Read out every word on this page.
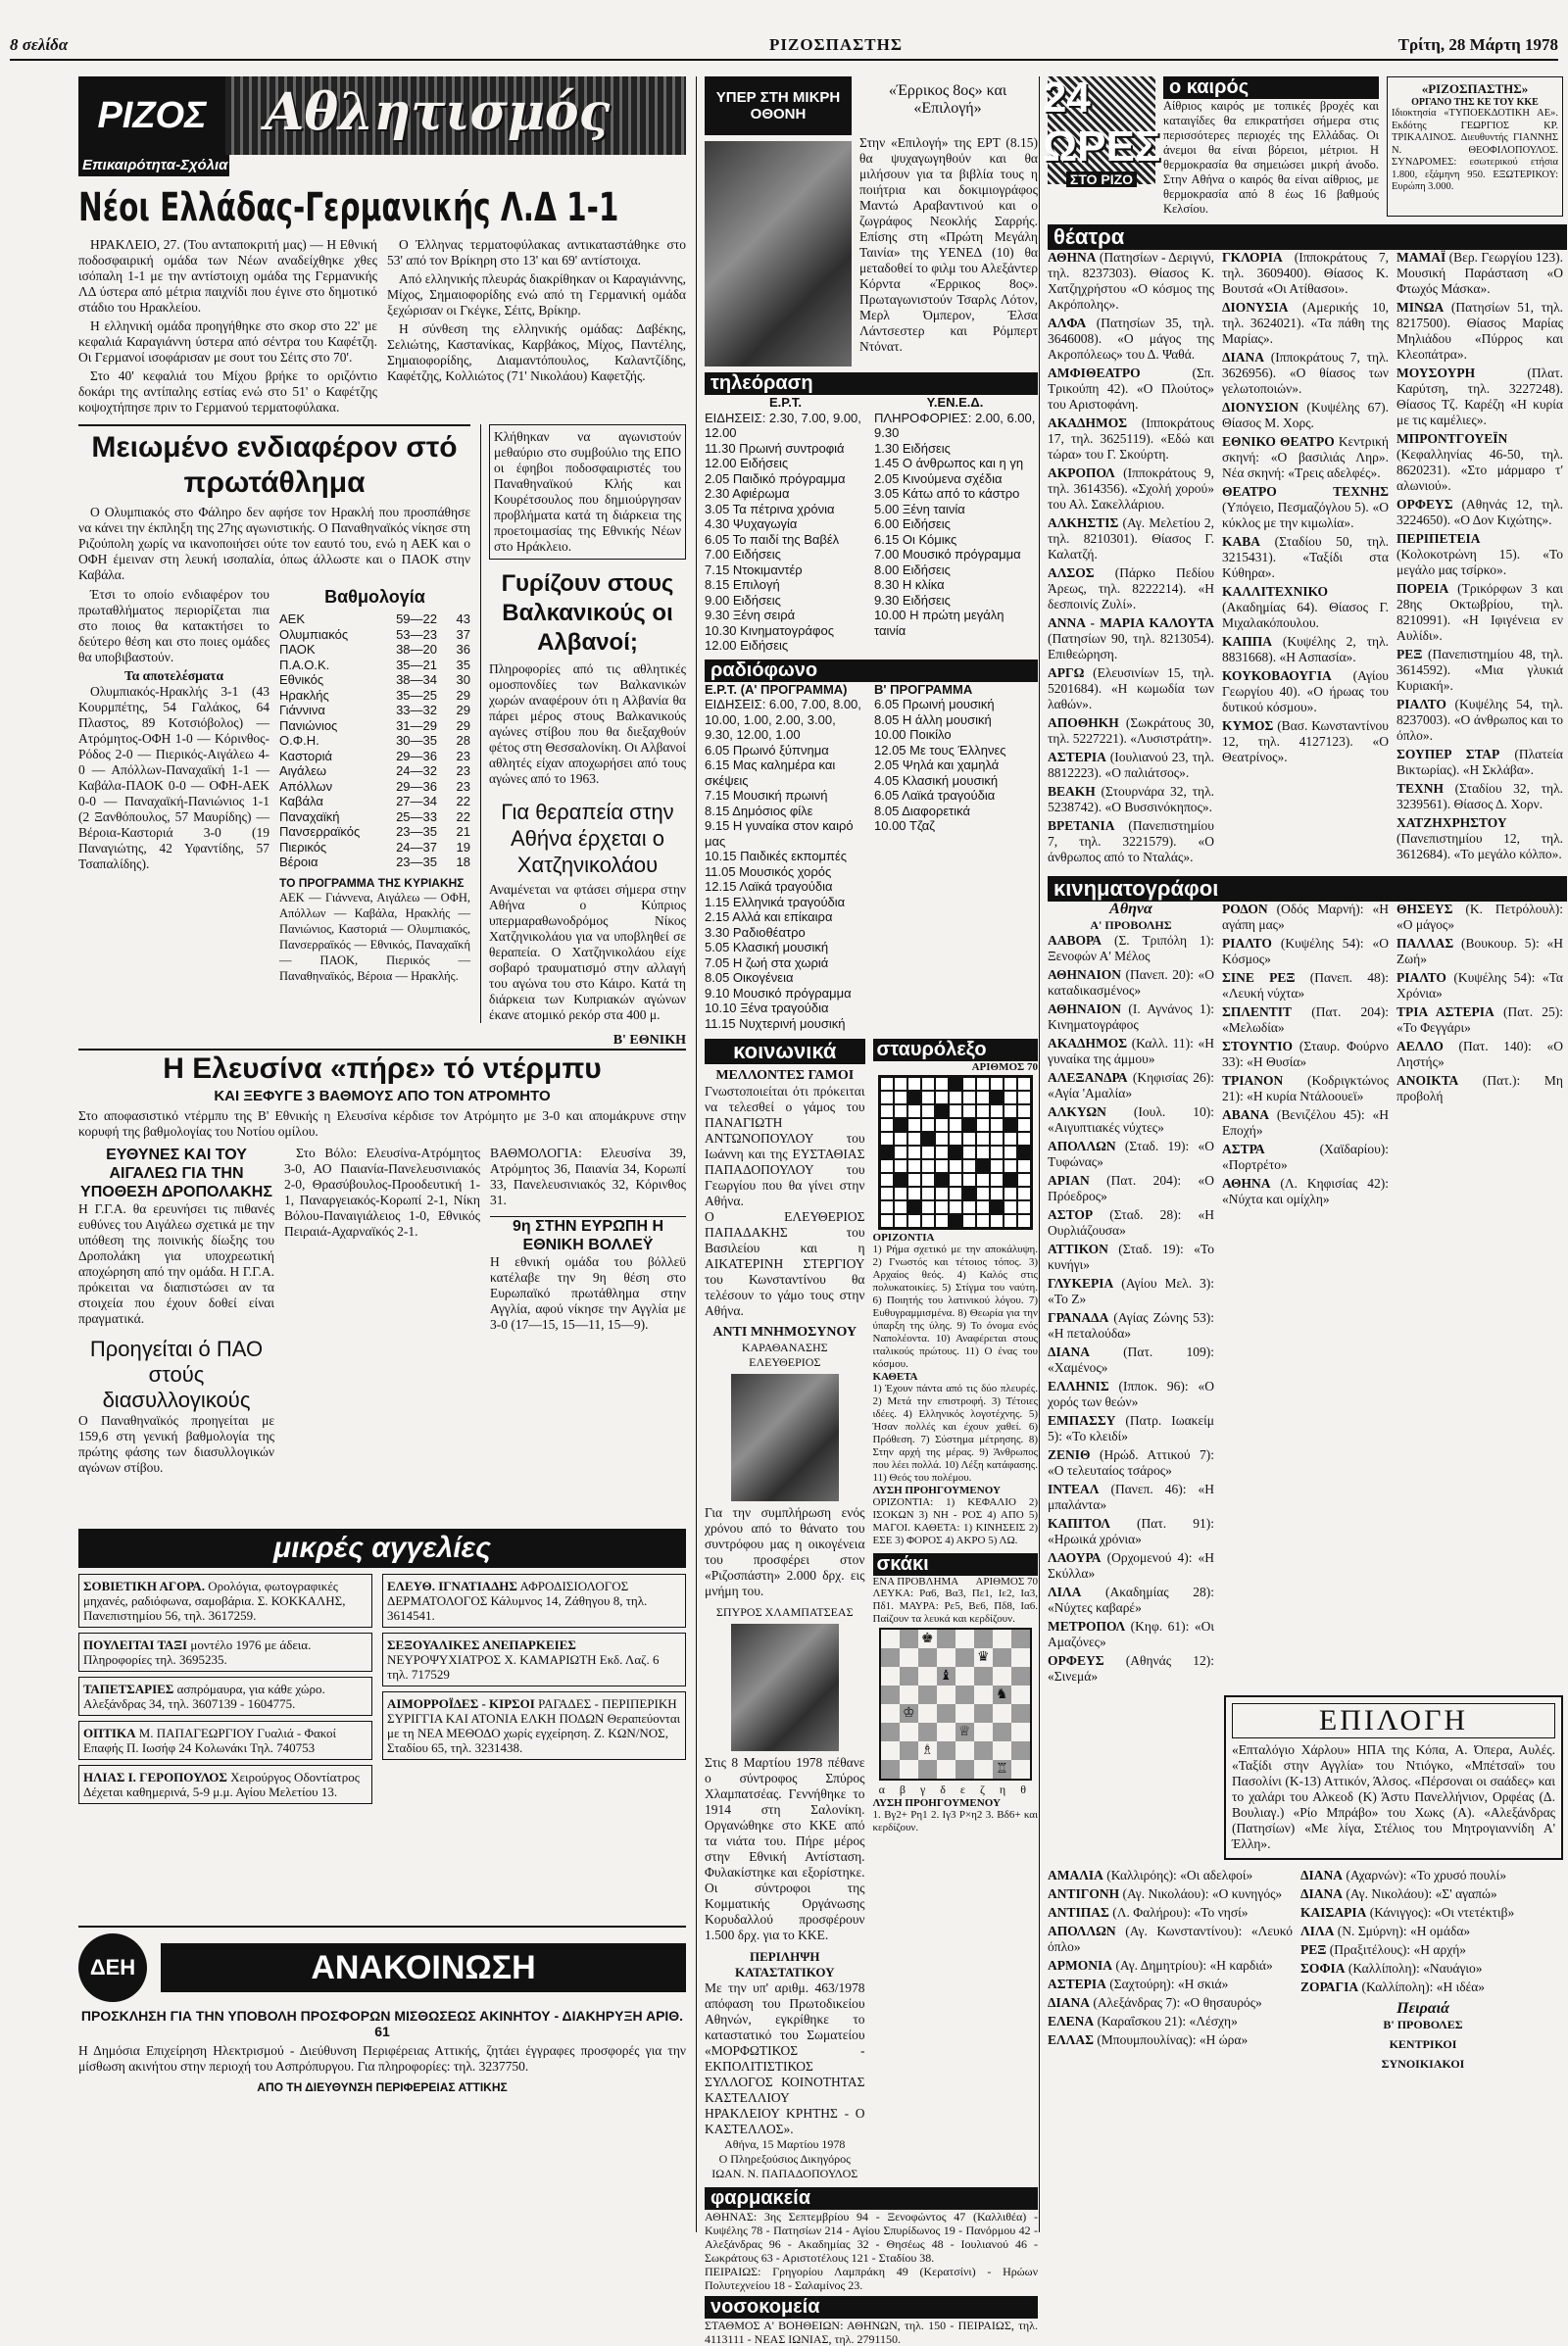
8 σελίδα	ΡΙΖΟΣΠΑΣΤΗΣ	Τρίτη, 28 Μάρτη 1978
ΡΙΖΟΣ	Αθλητισμός
Επικαιρότητα-Σχόλια
Νέοι Ελλάδας-Γερμανικής Λ.Δ 1-1

ΗΡΑΚΛΕΙΟ, 27. (Του ανταποκριτή μας) — Η Εθνική ποδοσφαιρική ομάδα των Νέων αναδείχθηκε χθες ισόπαλη 1-1 με την αντίστοιχη ομάδα της Γερμανικής ΛΔ ύστερα από μέτρια παιχνίδι που έγινε στο δημοτικό στάδιο του Ηρακλείου.

Η ελληνική ομάδα προηγήθηκε στο σκορ στο 22' με κεφαλιά Καραγιάννη ύστερα από σέντρα του Καφέτζη. Οι Γερμανοί ισοφάρισαν με σουτ του Σέιτς στο 70'.

Στο 40' κεφαλιά του Μίχου βρήκε το οριζόντιο δοκάρι της αντίπαλης εστίας ενώ στο 51' ο Καφέτζης κοψοχτήπησε πριν το Γερμανού τερματοφύλακα.

Ο Έλληνας τερματοφύλακας αντικαταστάθηκε στο 53' από τον Βρίκηρη στο 13' και 69' αντίστοιχα.

Από ελληνικής πλευράς διακρίθηκαν οι Καραγιάννης, Μίχος, Σημαιοφορίδης ενώ από τη Γερμανική ομάδα ξεχώρισαν οι Γκέγκε, Σέιτς, Βρίκηρ.

Η σύνθεση της ελληνικής ομάδας: Δαβέκης, Σελιώτης, Καστανίκας, Καρβάκος, Μίχος, Παντέλης, Σημαιοφορίδης, Διαμαντόπουλος, Καλαντζίδης, Καφέτζης, Κολλιώτος (71' Νικολάου) Καφετζής.

Μειωμένο ενδιαφέρον στό πρωτάθλημα

Ο Ολυμπιακός στο Φάληρο δεν αφήσε τον Ηρακλή που προσπάθησε να κάνει την έκπληξη της 27ης αγωνιστικής. Ο Παναθηναϊκός νίκησε στη Ριζούπολη χωρίς να ικανοποιήσει ούτε τον εαυτό του, ενώ η ΑΕΚ και ο ΟΦΗ έμειναν στη λευκή ισοπαλία, όπως άλλωστε και ο ΠΑΟΚ στην Καβάλα.

Έτσι το οποίο ενδιαφέρον του πρωταθλήματος περιορίζεται πια στο ποιος θα κατακτήσει το δεύτερο θέση και στο ποιες ομάδες θα υποβιβαστούν.

Τα αποτελέσματα

Ολυμπιακός-Ηρακλής 3-1 (43 Κουρμπέτης, 54 Γαλάκος, 64 Πλαστος, 89 Κοτσιόβολος) — Ατρόμητος-ΟΦΗ 1-0 — Κόρινθος-Ρόδος 2-0 — Πιερικός-Αιγάλεω 4-0 — Απόλλων-Παναχαϊκή 1-1 — Καβάλα-ΠΑΟΚ 0-0 — ΟΦΗ-ΑΕΚ 0-0 — Παναχαϊκή-Πανιώνιος 1-1 (2 Ξανθόπουλος, 57 Μαυρίδης) — Βέροια-Καστοριά 3-0 (19 Παναγιώτης, 42 Υφαντίδης, 57 Τσαπαλίδης).

Βαθμολογία
ΑΕΚ	59—22 43
Ολυμπιακός	53—23 37
ΠΑΟΚ	38—20 36
Π.Α.Ο.Κ.	35—21 35
Εθνικός	38—34 30
Ηρακλής	35—25 29
Γιάννινα	33—32 29
Πανιώνιος	31—29 29
Ο.Φ.Η.	30—35 28
Καστοριά	29—36 23
Αιγάλεω	24—32 23
Απόλλων	29—36 23
Καβάλα	27—34 22
Παναχαϊκή	25—33 22
Πανσερραϊκός	23—35 21
Πιερικός	24—37 19
Βέροια	23—35 18
ΤΟ ΠΡΟΓΡΑΜΜΑ ΤΗΣ ΚΥΡΙΑΚΗΣ
ΑΕΚ — Γιάννενα, Αιγάλεω — ΟΦΗ, Απόλλων — Καβάλα, Ηρακλής — Πανιώνιος, Καστοριά — Ολυμπιακός, Πανσερραϊκός — Εθνικός, Παναχαϊκή — ΠΑΟΚ, Πιερικός — Παναθηναϊκός, Βέροια — Ηρακλής.
Κλήθηκαν να αγωνιστούν μεθαύριο στο συμβούλιο της ΕΠΟ οι έφηβοι ποδοσφαιριστές του Παναθηναϊκού Κλής και Κουρέτσουλος που δημιούργησαν προβλήματα κατά τη διάρκεια της προετοιμασίας της Εθνικής Νέων στο Ηράκλειο.
Γυρίζουν στους Βαλκανικούς οι Αλβανοί;
Πληροφορίες από τις αθλητικές ομοσπονδίες των Βαλκανικών χωρών αναφέρουν ότι η Αλβανία θα πάρει μέρος στους Βαλκανικούς αγώνες στίβου που θα διεξαχθούν φέτος στη Θεσσαλονίκη. Οι Αλβανοί αθλητές είχαν αποχωρήσει από τους αγώνες από το 1963.
Για θεραπεία στην Αθήνα έρχεται ο Χατζηνικολάου
Αναμένεται να φτάσει σήμερα στην Αθήνα ο Κύπριος υπερμαραθωνοδρόμος Νίκος Χατζηνικολάου για να υποβληθεί σε θεραπεία. Ο Χατζηνικολάου είχε σοβαρό τραυματισμό στην αλλαγή του αγώνα του στο Κάιρο. Κατά τη διάρκεια των Κυπριακών αγώνων έκανε ατομικό ρεκόρ στα 400 μ.
Β' ΕΘΝΙΚΗ
Η Ελευσίνα «πήρε» τό ντέρμπυ
ΚΑΙ ΞΕΦΥΓΕ 3 ΒΑΘΜΟΥΣ ΑΠΟ ΤΟΝ ΑΤΡΟΜΗΤΟ
Στο αποφασιστικό ντέρμπυ της Β' Εθνικής η Ελευσίνα κέρδισε τον Ατρόμητο με 3-0 και απομάκρυνε στην κορυφή της βαθμολογίας του Νοτίου ομίλου.
ΕΥΘΥΝΕΣ ΚΑΙ ΤΟΥ ΑΙΓΑΛΕΩ ΓΙΑ ΤΗΝ ΥΠΟΘΕΣΗ ΔΡΟΠΟΛΑΚΗΣ
Η Γ.Γ.Α. θα ερευνήσει τις πιθανές ευθύνες του Αιγάλεω σχετικά με την υπόθεση της ποινικής δίωξης του Δροπολάκη για υποχρεωτική αποχώρηση από την ομάδα. Η Γ.Γ.Α. πρόκειται να διαπιστώσει αν τα στοιχεία που έχουν δοθεί είναι πραγματικά.
Προηγείται ό ΠΑΟ στούς διασυλλογικούς
Ο Παναθηναϊκός προηγείται με 159,6 στη γενική βαθμολογία της πρώτης φάσης των διασυλλογικών αγώνων στίβου.

Στο Βόλο: Ελευσίνα-Ατρόμητος 3-0, ΑΟ Παιανία-Πανελευσινιακός 2-0, Θρασύβουλος-Προοδευτική 1-1, Παναργειακός-Κορωπί 2-1, Νίκη Βόλου-Παναιγιάλειος 1-0, Εθνικός Πειραιά-Αχαρναϊκός 2-1.

ΒΑΘΜΟΛΟΓΙΑ: Ελευσίνα 39, Ατρόμητος 36, Παιανία 34, Κορωπί 33, Πανελευσινιακός 32, Κόρινθος 31.
9η ΣΤΗΝ ΕΥΡΩΠΗ Η ΕΘΝΙΚΗ ΒΟΛΛΕΫ
Η εθνική ομάδα του βόλλεϋ κατέλαβε την 9η θέση στο Ευρωπαϊκό πρωτάθλημα στην Αγγλία, αφού νίκησε την Αγγλία με 3-0 (17—15, 15—11, 15—9).
μικρές αγγελίες
ΣΟΒΙΕΤΙΚΗ ΑΓΟΡΑ. Ορολόγια, φωτογραφικές μηχανές, ραδιόφωνα, σαμοβάρια. Σ. ΚΟΚΚΑΛΗΣ, Πανεπιστημίου 56, τηλ. 3617259.
ΠΟΥΛΕΙΤΑΙ ΤΑΞΙ μοντέλο 1976 με άδεια. Πληροφορίες τηλ. 3695235.
ΤΑΠΕΤΣΑΡΙΕΣ ασπρόμαυρα, για κάθε χώρο. Αλεξάνδρας 34, τηλ. 3607139 - 1604775.
ΟΠΤΙΚΑ Μ. ΠΑΠΑΓΕΩΡΓΙΟΥ Γυαλιά - Φακοί Επαφής Π. Ιωσήφ 24 Κολωνάκι Τηλ. 740753
ΗΛΙΑΣ Ι. ΓΕΡΟΠΟΥΛΟΣ Χειρούργος Οδοντίατρος Δέχεται καθημερινά, 5-9 μ.μ. Αγίου Μελετίου 13.
ΕΛΕΥΘ. ΙΓΝΑΤΙΑΔΗΣ ΑΦΡΟΔΙΣΙΟΛΟΓΟΣ ΔΕΡΜΑΤΟΛΟΓΟΣ Κάλυμνος 14, Ζάθηγου 8, τηλ. 3614541.
ΣΕΞΟΥΑΛΙΚΕΣ ΑΝΕΠΑΡΚΕΙΕΣ ΝΕΥΡΟΨΥΧΙΑΤΡΟΣ Χ. ΚΑΜΑΡΙΩΤΗ Εκδ. Λαζ. 6 τηλ. 717529
ΑΙΜΟΡΡΟΪΔΕΣ - ΚΙΡΣΟΙ ΡΑΓΑΔΕΣ - ΠΕΡΙΠΕΡΙΚΗ ΣΥΡΙΓΓΙΑ ΚΑΙ ΑΤΟΝΙΑ ΕΛΚΗ ΠΟΔΩΝ Θεραπεύονται με τη ΝΕΑ ΜΕΘΟΔΟ χωρίς εγχείρηση. Ζ. ΚΩΝ/ΝΟΣ, Σταδίου 65, τηλ. 3231438.
ΔΕΗ	ΑΝΑΚΟΙΝΩΣΗ
ΠΡΟΣΚΛΗΣΗ ΓΙΑ ΤΗΝ ΥΠΟΒΟΛΗ ΠΡΟΣΦΟΡΩΝ ΜΙΣΘΩΣΕΩΣ ΑΚΙΝΗΤΟΥ - ΔΙΑΚΗΡΥΞΗ ΑΡΙΘ. 61
Η Δημόσια Επιχείρηση Ηλεκτρισμού - Διεύθυνση Περιφέρειας Αττικής, ζητάει έγγραφες προσφορές για την μίσθωση ακινήτου στην περιοχή του Ασπρόπυργου. Για πληροφορίες: τηλ. 3237750.
ΑΠΟ ΤΗ ΔΙΕΥΘΥΝΣΗ ΠΕΡΙΦΕΡΕΙΑΣ ΑΤΤΙΚΗΣ
ΥΠΕΡ ΣΤΗ ΜΙΚΡΗ ΟΘΟΝΗ
«Έρρικος 8ος» και «Επιλογή»
Στην «Επιλογή» της ΕΡΤ (8.15) θα ψυχαγωγηθούν και θα μιλήσουν για τα βιβλία τους η ποιήτρια και δοκιμιογράφος Μαντώ Αραβαντινού και ο ζωγράφος Νεοκλής Σαρρής. Επίσης στη «Πρώτη Μεγάλη Ταινία» της ΥΕΝΕΔ (10) θα μεταδοθεί το φιλμ του Αλεξάντερ Κόρντα «Έρρικος 8ος». Πρωταγωνιστούν Τσαρλς Λότον, Μερλ Όμπερον, Έλσα Λάντσεστερ και Ρόμπερτ Ντόνατ.
τηλεόραση
Ε.Ρ.Τ.
ΕΙΔΗΣΕΙΣ: 2.30, 7.00, 9.00, 12.00
11.30 Πρωινή συντροφιά
12.00 Ειδήσεις
2.05 Παιδικό πρόγραμμα
2.30 Αφιέρωμα
3.05 Τα πέτρινα χρόνια
4.30 Ψυχαγωγία
6.05 Το παιδί της Βαβέλ
7.00 Ειδήσεις
7.15 Ντοκιμαντέρ
8.15 Επιλογή
9.00 Ειδήσεις
9.30 Ξένη σειρά
10.30 Κινηματογράφος
12.00 Ειδήσεις
Υ.ΕΝ.Ε.Δ.
ΠΛΗΡΟΦΟΡΙΕΣ: 2.00, 6.00, 9.30
1.30 Ειδήσεις
1.45 Ο άνθρωπος και η γη
2.05 Κινούμενα σχέδια
3.05 Κάτω από το κάστρο
5.00 Ξένη ταινία
6.00 Ειδήσεις
6.15 Οι Κόμικς
7.00 Μουσικό πρόγραμμα
8.00 Ειδήσεις
8.30 Η κλίκα
9.30 Ειδήσεις
10.00 Η πρώτη μεγάλη ταινία
ραδιόφωνο
Ε.Ρ.Τ. (Α' ΠΡΟΓΡΑΜΜΑ)
ΕΙΔΗΣΕΙΣ: 6.00, 7.00, 8.00, 10.00, 1.00, 2.00, 3.00, 9.30, 12.00, 1.00
6.05 Πρωινό ξύπνημα
6.15 Μας καλημέρα και σκέψεις
7.15 Μουσική πρωινή
8.15 Δημόσιος φίλε
9.15 Η γυναίκα στον καιρό μας
10.15 Παιδικές εκπομπές
11.05 Μουσικός χορός
12.15 Λαϊκά τραγούδια
1.15 Ελληνικά τραγούδια
2.15 Αλλά και επίκαιρα
3.30 Ραδιοθέατρο
5.05 Κλασική μουσική
7.05 Η ζωή στα χωριά
8.05 Οικογένεια
9.10 Μουσικό πρόγραμμα
10.10 Ξένα τραγούδια
11.15 Νυχτερινή μουσική
Β' ΠΡΟΓΡΑΜΜΑ
6.05 Πρωινή μουσική
8.05 Η άλλη μουσική
10.00 Ποικίλο
12.05 Με τους Έλληνες
2.05 Ψηλά και χαμηλά
4.05 Κλασική μουσική
6.05 Λαϊκά τραγούδια
8.05 Διαφορετικά
10.00 Τζαζ
κοινωνικά
ΜΕΛΛΟΝΤΕΣ ΓΑΜΟΙ
Γνωστοποιείται ότι πρόκειται να τελεσθεί ο γάμος του ΠΑΝΑΓΙΩΤΗ ΑΝΤΩΝΟΠΟΥΛΟΥ του Ιωάννη και της ΕΥΣΤΑΘΙΑΣ ΠΑΠΑΔΟΠΟΥΛΟΥ του Γεωργίου που θα γίνει στην Αθήνα.
Ο ΕΛΕΥΘΕΡΙΟΣ ΠΑΠΑΔΑΚΗΣ του Βασιλείου και η ΑΙΚΑΤΕΡΙΝΗ ΣΤΕΡΓΙΟΥ του Κωνσταντίνου θα τελέσουν το γάμο τους στην Αθήνα.
ΑΝΤΙ ΜΝΗΜΟΣΥΝΟΥ
ΚΑΡΑΘΑΝΑΣΗΣ ΕΛΕΥΘΕΡΙΟΣ
Για την συμπλήρωση ενός χρόνου από το θάνατο του συντρόφου μας η οικογένεια του προσφέρει στον «Ριζοσπάστη» 2.000 δρχ. εις μνήμη του.
ΣΠΥΡΟΣ ΧΛΑΜΠΑΤΣΕΑΣ
Στις 8 Μαρτίου 1978 πέθανε ο σύντροφος Σπύρος Χλαμπατσέας. Γεννήθηκε το 1914 στη Σαλονίκη. Οργανώθηκε στο ΚΚΕ από τα νιάτα του. Πήρε μέρος στην Εθνική Αντίσταση. Φυλακίστηκε και εξορίστηκε. Οι σύντροφοι της Κομματικής Οργάνωσης Κορυδαλλού προσφέρουν 1.500 δρχ. για το ΚΚΕ.
ΠΕΡΙΛΗΨΗ ΚΑΤΑΣΤΑΤΙΚΟΥ
Με την υπ' αριθμ. 463/1978 απόφαση του Πρωτοδικείου Αθηνών, εγκρίθηκε το καταστατικό του Σωματείου «ΜΟΡΦΩΤΙΚΟΣ - ΕΚΠΟΛΙΤΙΣΤΙΚΟΣ ΣΥΛΛΟΓΟΣ ΚΟΙΝΟΤΗΤΑΣ ΚΑΣΤΕΛΛΙΟΥ ΗΡΑΚΛΕΙΟΥ ΚΡΗΤΗΣ - Ο ΚΑΣΤΕΛΛΟΣ».
Αθήνα, 15 Μαρτίου 1978
Ο Πληρεξούσιος Δικηγόρος ΙΩΑΝ. Ν. ΠΑΠΑΔΟΠΟΥΛΟΣ
σταυρόλεξο
ΑΡΙΘΜΟΣ 70
ΟΡΙΖΟΝΤΙΑ
1) Ρήμα σχετικό με την αποκάλυψη. 2) Γνωστός και τέτοιος τόπος. 3) Αρχαίος θεός. 4) Καλός στις πολυκατοικίες. 5) Στίγμα του ναύτη. 6) Ποιητής του λατινικού λόγου. 7) Ευθυγραμμισμένα. 8) Θεωρία για την ύπαρξη της ύλης. 9) Το όνομα ενός Ναπολέοντα. 10) Αναφέρεται στους ιταλικούς πρώτους. 11) Ο ένας του κόσμου.
ΚΑΘΕΤΑ
1) Έχουν πάντα από τις δύο πλευρές. 2) Μετά την επιστροφή. 3) Τέτοιες ιδέες. 4) Ελληνικός λογοτέχνης. 5) Ήσαν πολλές και έχουν χαθεί. 6) Πρόθεση. 7) Σύστημα μέτρησης. 8) Στην αρχή της μέρας. 9) Άνθρωπος που λέει πολλά. 10) Λέξη κατάφασης. 11) Θεός του πολέμου.
ΛΥΣΗ ΠΡΟΗΓΟΥΜΕΝΟΥ
ΟΡΙΖΟΝΤΙΑ: 1) ΚΕΦΑΛΙΟ 2) ΙΣΟΚΩΝ 3) ΝΗ - ΡΟΣ 4) ΑΠΟ 5) ΜΑΓΟΙ. ΚΑΘΕΤΑ: 1) ΚΙΝΗΣΕΙΣ 2) ΕΣΕ 3) ΦΟΡΟΣ 4) ΑΚΡΟ 5) ΛΩ.
σκάκι
ΕΝΑ ΠΡΟΒΛΗΜΑ ΑΡΙΘΜΟΣ 70
ΛΕΥΚΑ: Ρα6, Βα3, Πε1, Ιε2, Ια3, Πδ1. ΜΑΥΡΑ: Ρε5, Βε6, Πδ8, Ια6. Παίζουν τα λευκά και κερδίζουν.
♚
♛
♝
♞
♔
♕
♗
♖
α β γ δ ε ζ η θ
ΛΥΣΗ ΠΡΟΗΓΟΥΜΕΝΟΥ
1. Βγ2+ Ρη1 2. Ιγ3 Ρ×η2 3. Βδ6+ και κερδίζουν.
φαρμακεία
ΑΘΗΝΑΣ: 3ης Σεπτεμβρίου 94 - Ξενοφώντος 47 (Καλλιθέα) - Κυψέλης 78 - Πατησίων 214 - Αγίου Σπυρίδωνος 19 - Πανόρμου 42 - Αλεξάνδρας 96 - Ακαδημίας 32 - Θησέως 48 - Ιουλιανού 46 - Σωκράτους 63 - Αριστοτέλους 121 - Σταδίου 38.
ΠΕΙΡΑΙΩΣ: Γρηγορίου Λαμπράκη 49 (Κερατσίνι) - Ηρώων Πολυτεχνείου 18 - Σαλαμίνος 23.
νοσοκομεία
ΣΤΑΘΜΟΣ Α' ΒΟΗΘΕΙΩΝ: ΑΘΗΝΩΝ, τηλ. 150 - ΠΕΙΡΑΙΩΣ, τηλ. 4113111 - ΝΕΑΣ ΙΩΝΙΑΣ, τηλ. 2791150.
24 ΩΡΕΣ
ΣΤΟ ΡΙΖΟ
ο καιρός
Αίθριος καιρός με τοπικές βροχές και καταιγίδες θα επικρατήσει σήμερα στις περισσότερες περιοχές της Ελλάδας. Οι άνεμοι θα είναι βόρειοι, μέτριοι. Η θερμοκρασία θα σημειώσει μικρή άνοδο. Στην Αθήνα ο καιρός θα είναι αίθριος, με θερμοκρασία από 8 έως 16 βαθμούς Κελσίου.
«ΡΙΖΟΣΠΑΣΤΗΣ»
ΟΡΓΑΝΟ ΤΗΣ ΚΕ ΤΟΥ ΚΚΕ
Ιδιοκτησία «ΤΥΠΟΕΚΔΟΤΙΚΗ ΑΕ». Εκδότης ΓΕΩΡΓΙΟΣ ΚΡ. ΤΡΙΚΑΛΙΝΟΣ. Διευθυντής ΓΙΑΝΝΗΣ Ν. ΘΕΟΦΙΛΟΠΟΥΛΟΣ. ΣΥΝΔΡΟΜΕΣ: εσωτερικού ετήσια 1.800, εξάμηνη 950. ΕΞΩΤΕΡΙΚΟΥ: Ευρώπη 3.000.
θέατρα
ΑΘΗΝΑ (Πατησίων - Δεριγνύ, τηλ. 8237303). Θίασος Κ. Χατζηχρήστου «Ο κόσμος της Ακρόπολης».
ΑΛΦΑ (Πατησίων 35, τηλ. 3646008). «Ο μάγος της Ακροπόλεως» του Δ. Ψαθά.
ΑΜΦΙΘΕΑΤΡΟ (Σπ. Τρικούπη 42). «Ο Πλούτος» του Αριστοφάνη.
ΑΚΑΔΗΜΟΣ (Ιπποκράτους 17, τηλ. 3625119). «Εδώ και τώρα» του Γ. Σκούρτη.
ΑΚΡΟΠΟΛ (Ιπποκράτους 9, τηλ. 3614356). «Σχολή χορού» του Αλ. Σακελλάριου.
ΑΛΚΗΣΤΙΣ (Αγ. Μελετίου 2, τηλ. 8210301). Θίασος Γ. Καλατζή.
ΑΛΣΟΣ (Πάρκο Πεδίου Άρεως, τηλ. 8222214). «Η δεσποινίς Ζυλί».
ΑΝΝΑ - ΜΑΡΙΑ ΚΑΛΟΥΤΑ (Πατησίων 90, τηλ. 8213054). Επιθεώρηση.
ΑΡΓΩ (Ελευσινίων 15, τηλ. 5201684). «Η κωμωδία των λαθών».
ΑΠΟΘΗΚΗ (Σωκράτους 30, τηλ. 5227221). «Λυσιστράτη».
ΑΣΤΕΡΙΑ (Ιουλιανού 23, τηλ. 8812223). «Ο παλιάτσος».
ΒΕΑΚΗ (Στουρνάρα 32, τηλ. 5238742). «Ο Βυσσινόκηπος».
ΒΡΕΤΑΝΙΑ (Πανεπιστημίου 7, τηλ. 3221579). «Ο άνθρωπος από το Νταλάς».
ΓΚΛΟΡΙΑ (Ιπποκράτους 7, τηλ. 3609400). Θίασος Κ. Βουτσά «Οι Ατίθασοι».
ΔΙΟΝΥΣΙΑ (Αμερικής 10, τηλ. 3624021). «Τα πάθη της Μαρίας».
ΔΙΑΝΑ (Ιπποκράτους 7, τηλ. 3626956). «Ο θίασος των γελωτοποιών».
ΔΙΟΝΥΣΙΟΝ (Κυψέλης 67). Θίασος Μ. Χορς.
ΕΘΝΙΚΟ ΘΕΑΤΡΟ Κεντρική σκηνή: «Ο βασιλιάς Ληρ». Νέα σκηνή: «Τρεις αδελφές».
ΘΕΑΤΡΟ ΤΕΧΝΗΣ (Υπόγειο, Πεσμαζόγλου 5). «Ο κύκλος με την κιμωλία».
ΚΑΒΑ (Σταδίου 50, τηλ. 3215431). «Ταξίδι στα Κύθηρα».
ΚΑΛΛΙΤΕΧΝΙΚΟ (Ακαδημίας 64). Θίασος Γ. Μιχαλακόπουλου.
ΚΑΠΠΑ (Κυψέλης 2, τηλ. 8831668). «Η Ασπασία».
ΚΟΥΚΟΒΑΟΥΓΙΑ (Αγίου Γεωργίου 40). «Ο ήρωας του δυτικού κόσμου».
ΚΥΜΟΣ (Βασ. Κωνσταντίνου 12, τηλ. 4127123). «Ο Θεατρίνος».
ΜΑΜΑΪ (Βερ. Γεωργίου 123). Μουσική Παράσταση «Ο Φτωχός Μάσκα».
ΜΙΝΩΑ (Πατησίων 51, τηλ. 8217500). Θίασος Μαρίας Μηλιάδου «Πύρρος και Κλεοπάτρα».
ΜΟΥΣΟΥΡΗ (Πλατ. Καρύτση, τηλ. 3227248). Θίασος Τζ. Καρέζη «Η κυρία με τις καμέλιες».
ΜΠΡΟΝΤΓΟΥΕΪΝ (Κεφαλληνίας 46-50, τηλ. 8620231). «Στο μάρμαρο τ' αλωνιού».
ΟΡΦΕΥΣ (Αθηνάς 12, τηλ. 3224650). «Ο Δον Κιχώτης».
ΠΕΡΙΠΕΤΕΙΑ (Κολοκοτρώνη 15). «Το μεγάλο μας τσίρκο».
ΠΟΡΕΙΑ (Τρικόρφων 3 και 28ης Οκτωβρίου, τηλ. 8210991). «Η Ιφιγένεια εν Αυλίδι».
ΡΕΞ (Πανεπιστημίου 48, τηλ. 3614592). «Μια γλυκιά Κυριακή».
ΡΙΑΛΤΟ (Κυψέλης 54, τηλ. 8237003). «Ο άνθρωπος και το όπλο».
ΣΟΥΠΕΡ ΣΤΑΡ (Πλατεία Βικτωρίας). «Η Σκλάβα».
ΤΕΧΝΗ (Σταδίου 32, τηλ. 3239561). Θίασος Δ. Χορν.
ΧΑΤΖΗΧΡΗΣΤΟΥ (Πανεπιστημίου 12, τηλ. 3612684). «Το μεγάλο κόλπο».
κινηματογράφοι
Αθηνα
Α' ΠΡΟΒΟΛΗΣ
ΑΑΒΟΡΑ (Σ. Τριπόλη 1): Ξενοφών Α' Μέλος
ΑΘΗΝΑΙΟΝ (Πανεπ. 20): «Ο καταδικασμένος»
ΑΘΗΝΑΙΟΝ (Ι. Αγνάνος 1): Κινηματογράφος
ΑΚΑΔΗΜΟΣ (Καλλ. 11): «Η γυναίκα της άμμου»
ΑΛΕΞΑΝΔΡΑ (Κηφισίας 26): «Αγία 'Αμαλία»
ΑΛΚΥΩΝ (Ιουλ. 10): «Αιγυπτιακές νύχτες»
ΑΠΟΛΛΩΝ (Σταδ. 19): «Ο Τυφώνας»
ΑΡΙΑΝ (Πατ. 204): «Ο Πρόεδρος»
ΑΣΤΟΡ (Σταδ. 28): «Η Ουρλιάζουσα»
ΑΤΤΙΚΟΝ (Σταδ. 19): «Το κυνήγι»
ΓΛΥΚΕΡΙΑ (Αγίου Μελ. 3): «Το Ζ»
ΓΡΑΝΑΔΑ (Αγίας Ζώνης 53): «Η πεταλούδα»
ΔΙΑΝΑ (Πατ. 109): «Χαμένος»
ΕΛΛΗΝΙΣ (Ιπποκ. 96): «Ο χορός των θεών»
ΕΜΠΑΣΣΥ (Πατρ. Ιωακείμ 5): «Το κλειδί»
ΖΕΝΙΘ (Ηρώδ. Αττικού 7): «Ο τελευταίος τσάρος»
ΙΝΤΕΑΛ (Πανεπ. 46): «Η μπαλάντα»
ΚΑΠΙΤΟΛ (Πατ. 91): «Ηρωικά χρόνια»
ΛΑΟΥΡΑ (Ορχομενού 4): «Η Σκύλλα»
ΛΙΛΑ (Ακαδημίας 28): «Νύχτες καβαρέ»
ΜΕΤΡΟΠΟΛ (Κηφ. 61): «Οι Αμαζόνες»
ΟΡΦΕΥΣ (Αθηνάς 12): «Σινεμά»
ΡΟΔΟΝ (Οδός Μαρνή): «Η αγάπη μας»
ΡΙΑΛΤΟ (Κυψέλης 54): «Ο Κόσμος»
ΣΙΝΕ ΡΕΞ (Πανεπ. 48): «Λευκή νύχτα»
ΣΠΛΕΝΤΙΤ (Πατ. 204): «Μελωδία»
ΣΤΟΥΝΤΙΟ (Σταυρ. Φούρνο 33): «Η Θυσία»
ΤΡΙΑΝΟΝ (Κοδριγκτώνος 21): «Η κυρία Ντάλοουεϊ»
ΑΒΑΝΑ (Βενιζέλου 45): «Η Εποχή»
ΑΣΤΡΑ (Χαϊδαρίου): «Πορτρέτο»
ΑΘΗΝΑ (Λ. Κηφισίας 42): «Νύχτα και ομίχλη»
ΘΗΣΕΥΣ (Κ. Πετρόλουλ): «Ο μάγος»
ΠΑΛΛΑΣ (Βουκουρ. 5): «Η Ζωή»
ΡΙΑΛΤΟ (Κυψέλης 54): «Τα Χρόνια»
ΤΡΙΑ ΑΣΤΕΡΙΑ (Πατ. 25): «Το Φεγγάρι»
ΑΕΛΛΟ (Πατ. 140): «Ο Ληστής»
ΑΝΟΙΚΤΑ (Πατ.): Μη προβολή
ΕΠΙΛΟΓΗ
«Επταλόγιο Χάρλου» ΗΠΑ της Κόπα, Α. Όπερα, Αυλές. «Ταξίδι στην Αγγλία» του Ντιόγκο, «Μπέτσαϊ» του Πασολίνι (Κ-13) Αττικόν, Άλσος. «Πέρσοναι οι σαάδες» και το χαλάρι του Αλκεοδ (Κ) Άστυ Πανελλήνιον, Ορφέας (Δ. Βουλιαγ.) «Ρίο Μπράβο» του Χωκς (Α). «Αλεξάνδρας (Πατησίων) «Με λίγα, Στέλιος του Μητρογιαννίδη Α' Έλλη».
ΑΜΑΛΙΑ (Καλλιρόης): «Οι αδελφοί»
ΑΝΤΙΓΟΝΗ (Αγ. Νικολάου): «Ο κυνηγός»
ΑΝΤΙΠΑΣ (Λ. Φαλήρου): «Το νησί»
ΑΠΟΛΛΩΝ (Αγ. Κωνσταντίνου): «Λευκό όπλο»
ΑΡΜΟΝΙΑ (Αγ. Δημητρίου): «Η καρδιά»
ΑΣΤΕΡΙΑ (Σαχτούρη): «Η σκιά»
ΔΙΑΝΑ (Αλεξάνδρας 7): «Ο θησαυρός»
ΕΛΕΝΑ (Καραΐσκου 21): «Λέσχη»
ΕΛΛΑΣ (Μπουμπουλίνας): «Η ώρα»
ΔΙΑΝΑ (Αχαρνών): «Το χρυσό πουλί»
ΔΙΑΝΑ (Αγ. Νικολάου): «Σ' αγαπώ»
ΚΑΙΣΑΡΙΑ (Κάνιγγος): «Οι ντετέκτιβ»
ΛΙΛΑ (Ν. Σμύρνη): «Η ομάδα»
ΡΕΞ (Πραξιτέλους): «Η αρχή»
ΣΟΦΙΑ (Καλλίπολη): «Ναυάγιο»
ΖΟΡΑΓΙΑ (Καλλίπολη): «Η ιδέα»
Πειραιά
Β' ΠΡΟΒΟΛΕΣ
ΚΕΝΤΡΙΚΟΙ
ΣΥΝΟΙΚΙΑΚΟΙ
